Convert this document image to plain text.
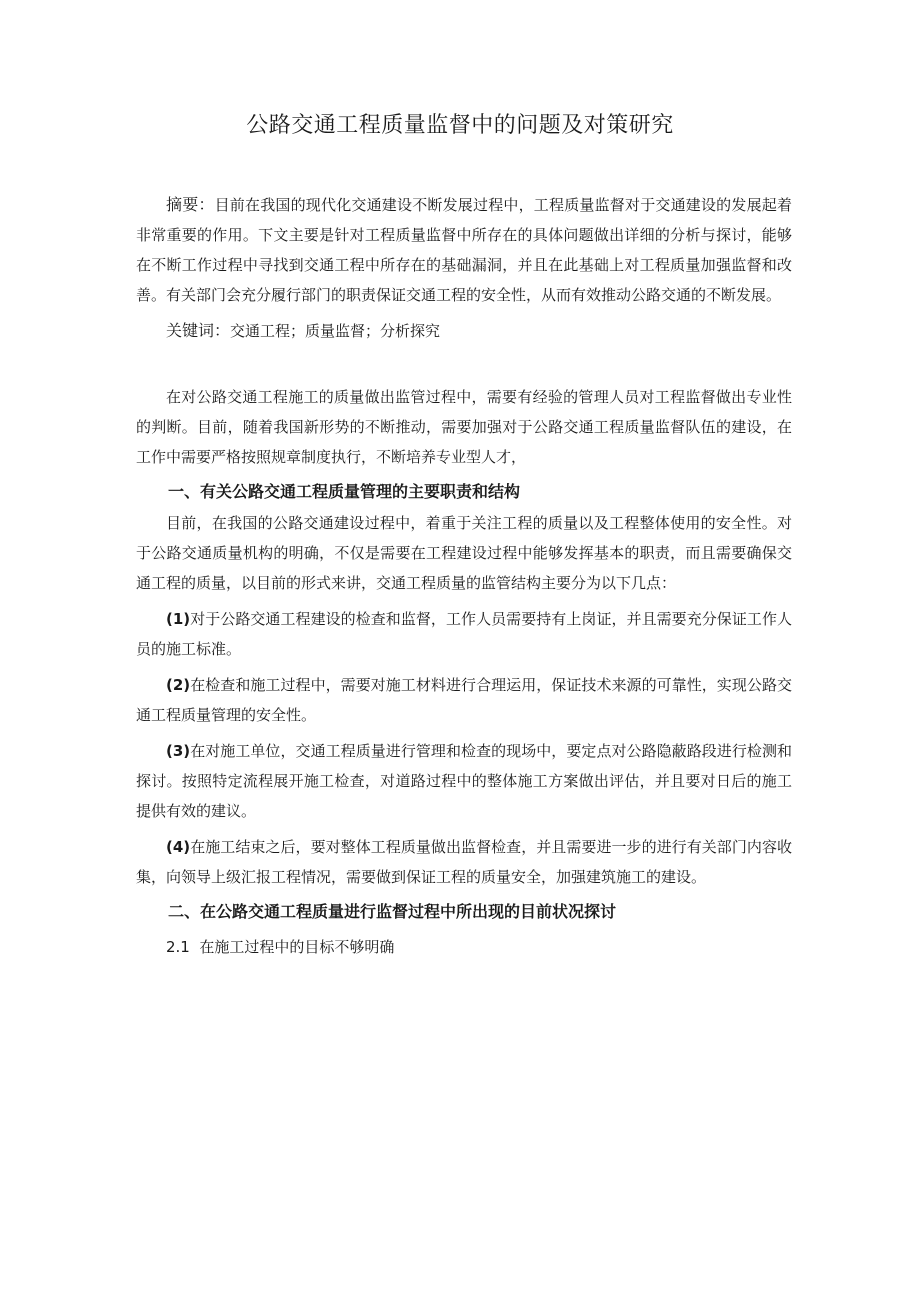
公路交通工程质量监督中的问题及对策研究

摘要：目前在我国的现代化交通建设不断发展过程中，工程质量监督对于交通建设的发展起着非常重要的作用。下文主要是针对工程质量监督中所存在的具体问题做出详细的分析与探讨，能够在不断工作过程中寻找到交通工程中所存在的基础漏洞，并且在此基础上对工程质量加强监督和改善。有关部门会充分履行部门的职责保证交通工程的安全性，从而有效推动公路交通的不断发展。

关键词：交通工程；质量监督；分析探究

在对公路交通工程施工的质量做出监管过程中，需要有经验的管理人员对工程监督做出专业性的判断。目前，随着我国新形势的不断推动，需要加强对于公路交通工程质量监督队伍的建设，在工作中需要严格按照规章制度执行，不断培养专业型人才，

一、有关公路交通工程质量管理的主要职责和结构

目前，在我国的公路交通建设过程中，着重于关注工程的质量以及工程整体使用的安全性。对于公路交通质量机构的明确，不仅是需要在工程建设过程中能够发挥基本的职责，而且需要确保交通工程的质量，以目前的形式来讲，交通工程质量的监管结构主要分为以下几点：

(1)对于公路交通工程建设的检查和监督，工作人员需要持有上岗证，并且需要充分保证工作人员的施工标准。

(2)在检查和施工过程中，需要对施工材料进行合理运用，保证技术来源的可靠性，实现公路交通工程质量管理的安全性。

(3)在对施工单位，交通工程质量进行管理和检查的现场中，要定点对公路隐蔽路段进行检测和探讨。按照特定流程展开施工检查，对道路过程中的整体施工方案做出评估，并且要对日后的施工提供有效的建议。

(4)在施工结束之后，要对整体工程质量做出监督检查，并且需要进一步的进行有关部门内容收集，向领导上级汇报工程情况，需要做到保证工程的质量安全，加强建筑施工的建设。

二、在公路交通工程质量进行监督过程中所出现的目前状况探讨

2.1 在施工过程中的目标不够明确
